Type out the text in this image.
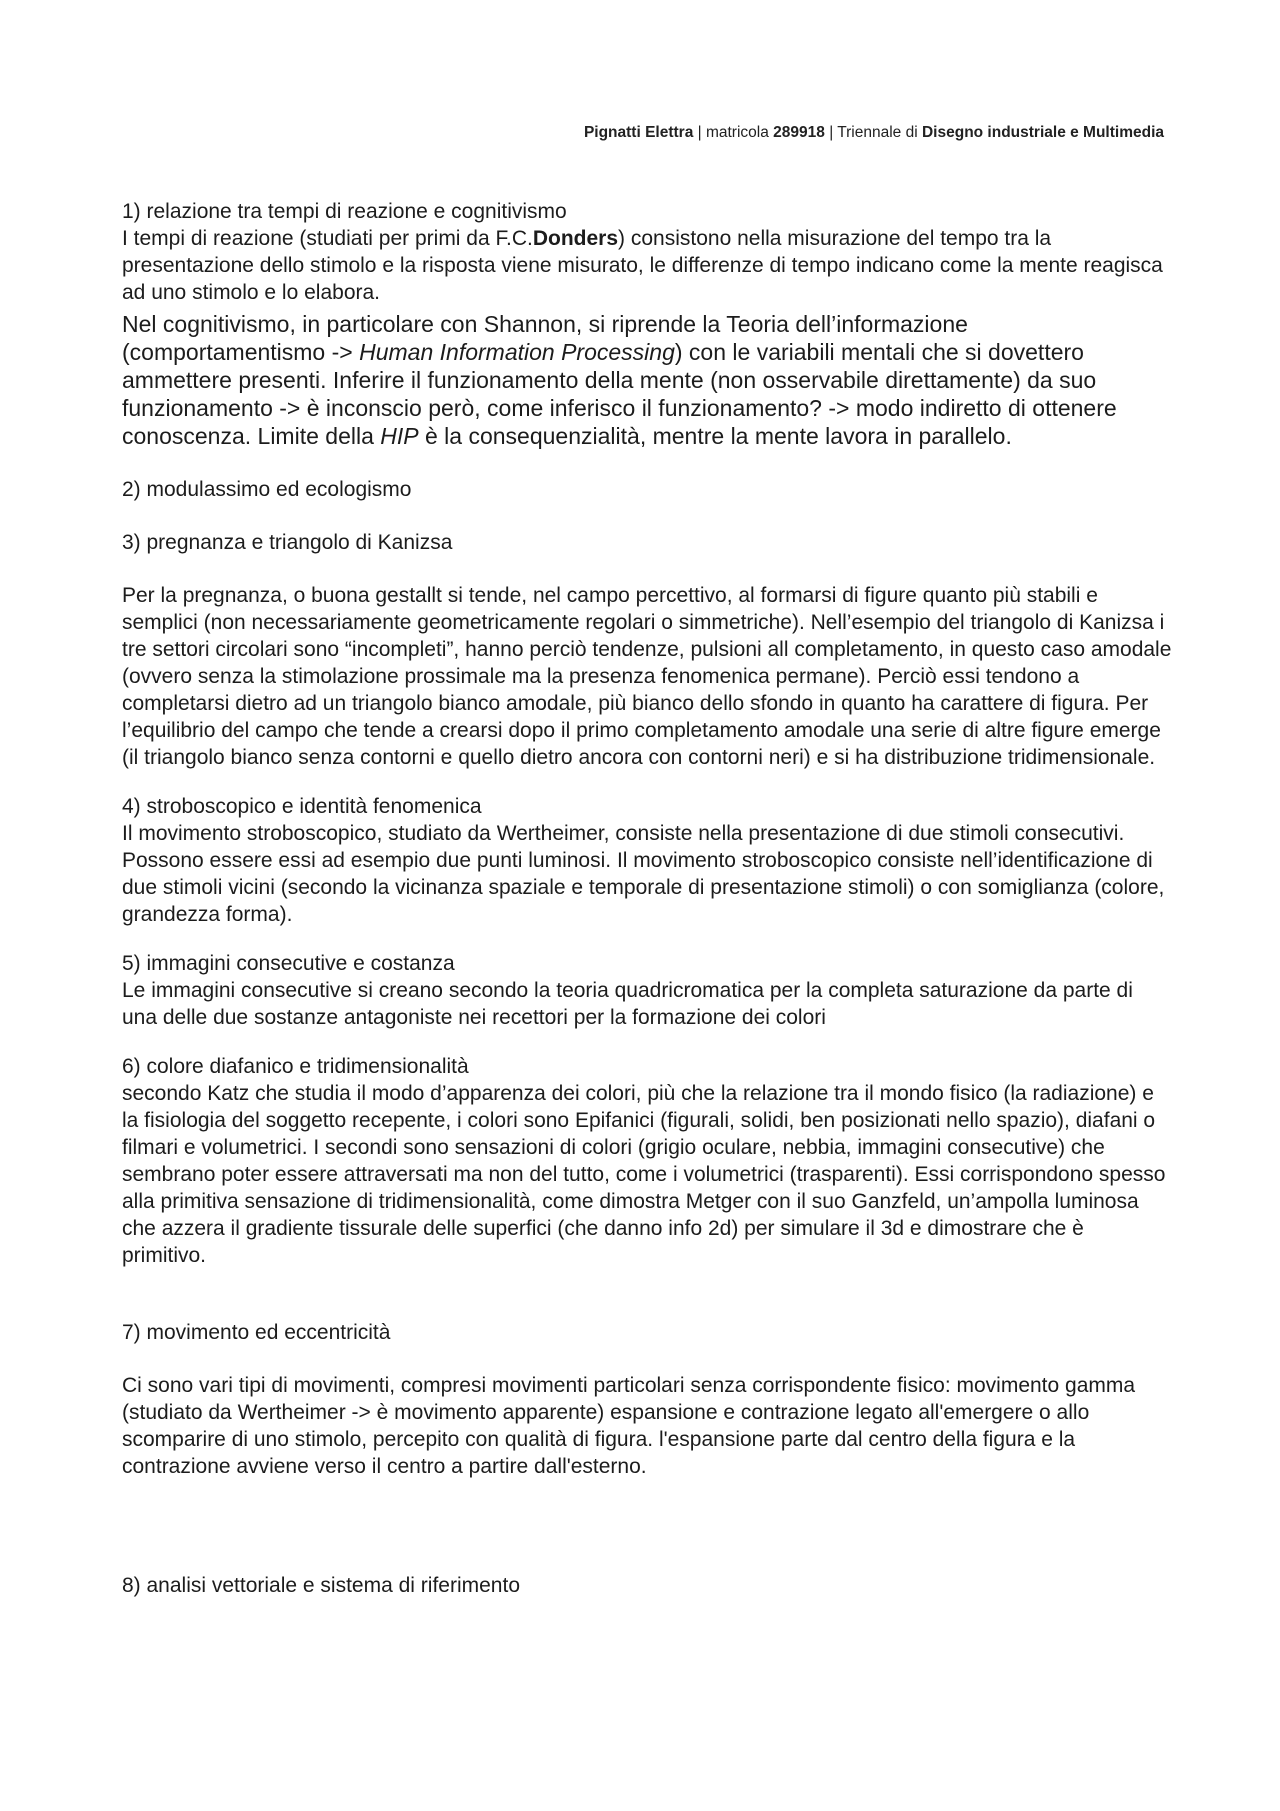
Pignatti Elettra | matricola 289918 | Triennale di Disegno industriale e Multimedia

1) relazione tra tempi di reazione e cognitivismo

I tempi di reazione (studiati per primi da F.C.Donders) consistono nella misurazione del tempo tra la presentazione dello stimolo e la risposta viene misurato, le differenze di tempo indicano come la mente reagisca ad uno stimolo e lo elabora.

Nel cognitivismo, in particolare con Shannon, si riprende la Teoria dell’informazione (comportamentismo -> Human Information Processing) con le variabili mentali che si dovettero ammettere presenti. Inferire il funzionamento della mente (non osservabile direttamente) da suo funzionamento -> è inconscio però, come inferisco il funzionamento? -> modo indiretto di ottenere conoscenza. Limite della HIP è la consequenzialità, mentre la mente lavora in parallelo.

2) modulassimo ed ecologismo

3) pregnanza e triangolo di Kanizsa

Per la pregnanza, o buona gestallt si tende, nel campo percettivo, al formarsi di figure quanto più stabili e semplici (non necessariamente geometricamente regolari o simmetriche). Nell’esempio del triangolo di Kanizsa i tre settori circolari sono “incompleti”, hanno perciò tendenze, pulsioni all completamento, in questo caso amodale (ovvero senza la stimolazione prossimale ma la presenza fenomenica permane). Perciò essi tendono a completarsi dietro ad un triangolo bianco amodale, più bianco dello sfondo in quanto ha carattere di figura. Per l’equilibrio del campo che tende a crearsi dopo il primo completamento amodale una serie di altre figure emerge (il triangolo bianco senza contorni e quello dietro ancora con contorni neri) e si ha distribuzione tridimensionale.

4) stroboscopico e identità fenomenica

Il movimento stroboscopico, studiato da Wertheimer, consiste nella presentazione di due stimoli consecutivi. Possono essere essi ad esempio due punti luminosi. Il movimento stroboscopico consiste nell’identificazione di due stimoli vicini (secondo la vicinanza spaziale e temporale di presentazione stimoli) o con somiglianza (colore, grandezza forma).

5) immagini consecutive e costanza

Le immagini consecutive si creano secondo la teoria quadricromatica per la completa saturazione da parte di una delle due sostanze antagoniste nei recettori per la formazione dei colori

6) colore diafanico e tridimensionalità

secondo Katz che studia il modo d’apparenza dei colori, più che la relazione tra il mondo fisico (la radiazione) e la fisiologia del soggetto recepente, i colori sono Epifanici (figurali, solidi, ben posizionati nello spazio), diafani o filmari e volumetrici. I secondi sono sensazioni di colori (grigio oculare, nebbia, immagini consecutive) che sembrano poter essere attraversati ma non del tutto, come i volumetrici (trasparenti). Essi corrispondono spesso alla primitiva sensazione di tridimensionalità, come dimostra Metger con il suo Ganzfeld, un’ampolla luminosa che azzera il gradiente tissurale delle superfici (che danno info 2d) per simulare il 3d e dimostrare che è primitivo.

7) movimento ed eccentricità

Ci sono vari tipi di movimenti, compresi movimenti particolari senza corrispondente fisico: movimento gamma (studiato da Wertheimer -> è movimento apparente) espansione e contrazione legato all'emergere o allo scomparire di uno stimolo, percepito con qualità di figura. l'espansione parte dal centro della figura e la contrazione avviene verso il centro a partire dall'esterno.

8) analisi vettoriale e sistema di riferimento
